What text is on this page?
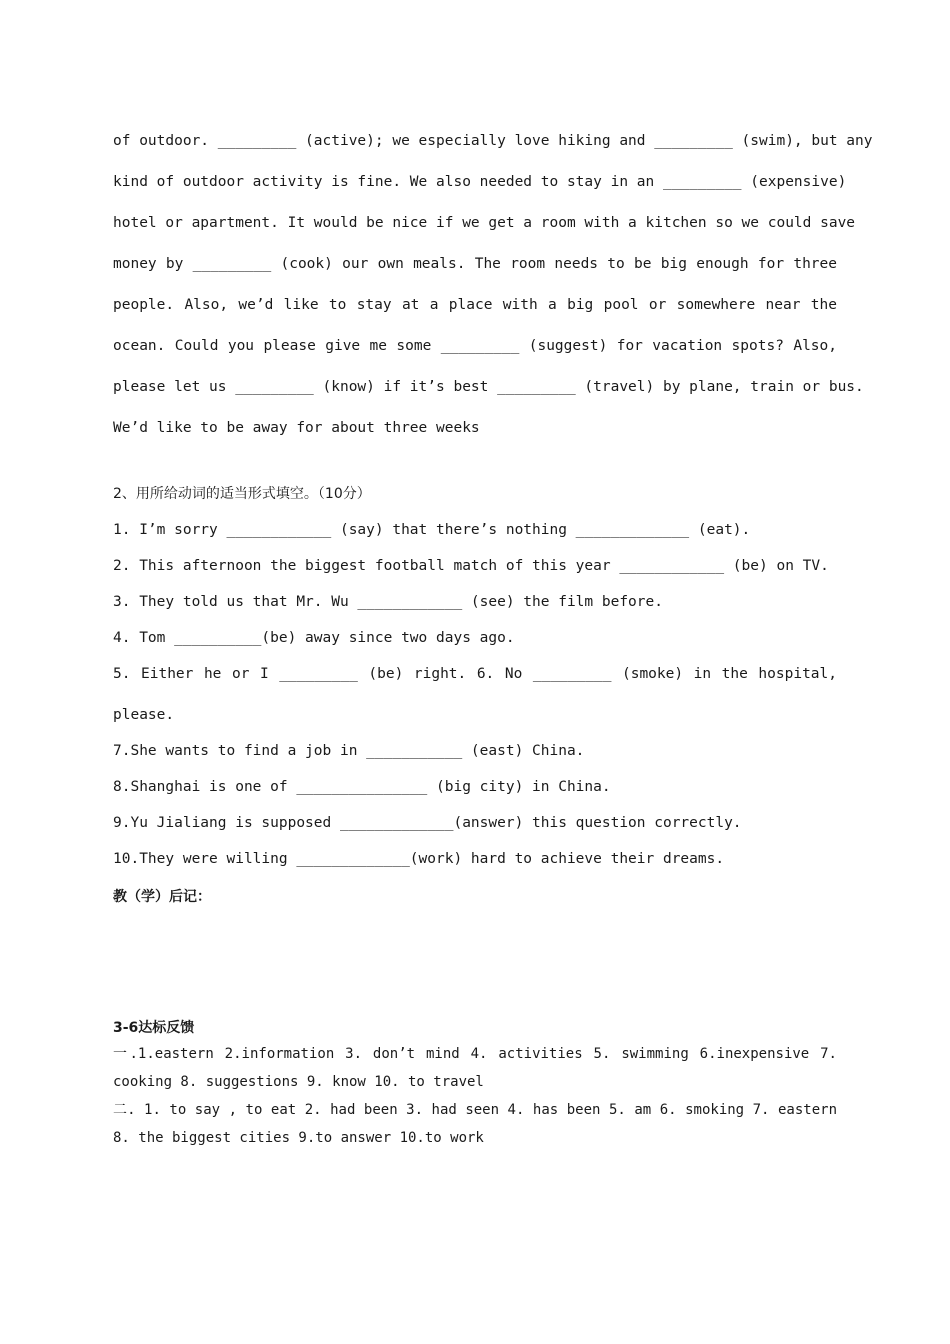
of outdoor. _________ (active); we especially love hiking and _________ (swim), but any
kind of outdoor activity is fine. We also needed to stay in an _________ (expensive)
hotel or apartment. It would be nice if we get a room with a kitchen so we could save
money by _________ (cook) our own meals. The room needs to be big enough for three
people. Also, we’d like to stay at a place with a big pool or somewhere near the
ocean. Could you please give me some _________ (suggest) for vacation spots? Also,
please let us _________ (know) if it’s best _________ (travel) by plane, train or bus.
We’d like to be away for about three weeks
2、用所给动词的适当形式填空。（10分）
1. I’m sorry ____________ (say) that there’s nothing _____________ (eat).
2. This afternoon the biggest football match of this year ____________ (be) on TV.
3. They told us that Mr. Wu ____________ (see) the film before.
4. Tom __________(be) away since two days ago.
5. Either he or I _________ (be) right. 6. No _________ (smoke) in the hospital,
please.
7.She wants to find a job in ___________ (east) China.
8.Shanghai is one of _______________ (big city) in China.
9.Yu Jialiang is supposed _____________(answer) this question correctly.
10.They were willing _____________(work) hard to achieve their dreams.
教（学）后记：
3-6达标反馈
一.1.eastern 2.information 3. don’t mind 4. activities 5. swimming 6.inexpensive 7.
cooking 8. suggestions 9. know 10. to travel
二. 1. to say , to eat 2. had been 3. had seen 4. has been 5. am 6. smoking 7. eastern
8. the biggest cities 9.to answer 10.to work
